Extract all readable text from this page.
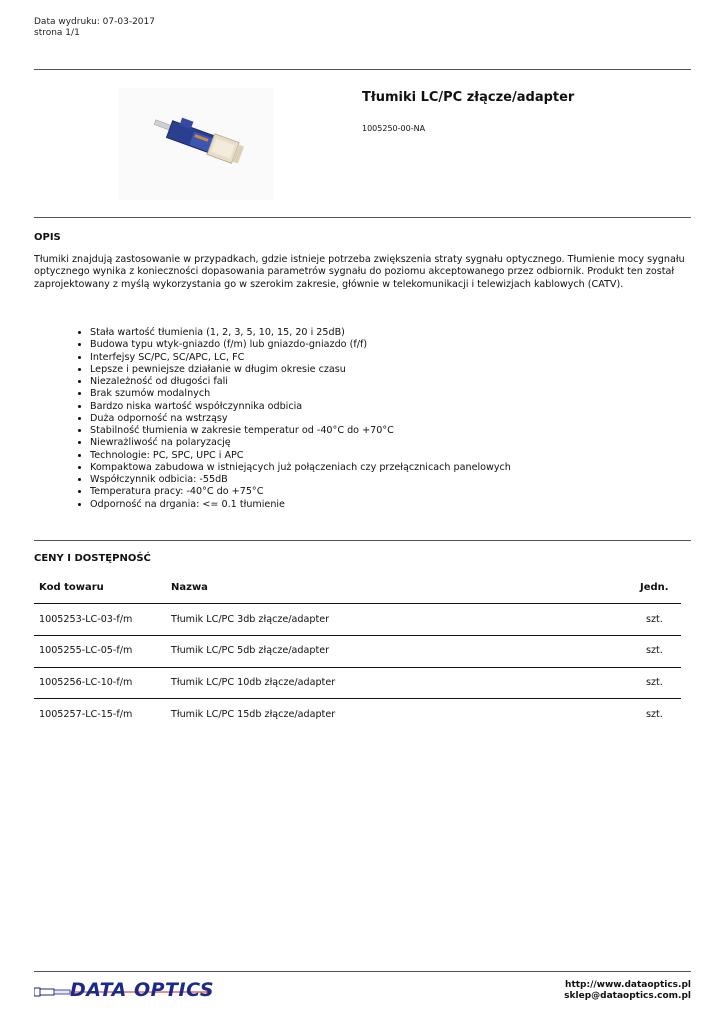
Data wydruku: 07-03-2017
strona 1/1
Tłumiki LC/PC złącze/adapter
1005250-00-NA
OPIS
Tłumiki znajdują zastosowanie w przypadkach, gdzie istnieje potrzeba zwiększenia straty sygnału optycznego. Tłumienie mocy sygnału optycznego wynika z konieczności dopasowania parametrów sygnału do poziomu akceptowanego przez odbiornik. Produkt ten został zaprojektowany z myślą wykorzystania go w szerokim zakresie, głównie w telekomunikacji i telewizjach kablowych (CATV).
• Stała wartość tłumienia (1, 2, 3, 5, 10, 15, 20 i 25dB)
• Budowa typu wtyk-gniazdo (f/m) lub gniazdo-gniazdo (f/f)
• Interfejsy SC/PC, SC/APC, LC, FC
• Lepsze i pewniejsze działanie w długim okresie czasu
• Niezależność od długości fali
• Brak szumów modalnych
• Bardzo niska wartość współczynnika odbicia
• Duża odporność na wstrząsy
• Stabilność tłumienia w zakresie temperatur od -40°C do +70°C
• Niewrażliwość na polaryzację
• Technologie: PC, SPC, UPC i APC
• Kompaktowa zabudowa w istniejących już połączeniach czy przełącznicach panelowych
• Współczynnik odbicia: -55dB
• Temperatura pracy: -40°C do +75°C
• Odporność na drgania: <= 0.1 tłumienie
CENY I DOSTĘPNOŚĆ
Kod towaru	Nazwa	Jedn.
1005253-LC-03-f/m	Tłumik LC/PC 3db złącze/adapter	szt.
1005255-LC-05-f/m	Tłumik LC/PC 5db złącze/adapter	szt.
1005256-LC-10-f/m	Tłumik LC/PC 10db złącze/adapter	szt.
1005257-LC-15-f/m	Tłumik LC/PC 15db złącze/adapter	szt.
DATA OPTICS	http://www.dataoptics.pl
sklep@dataoptics.com.pl
